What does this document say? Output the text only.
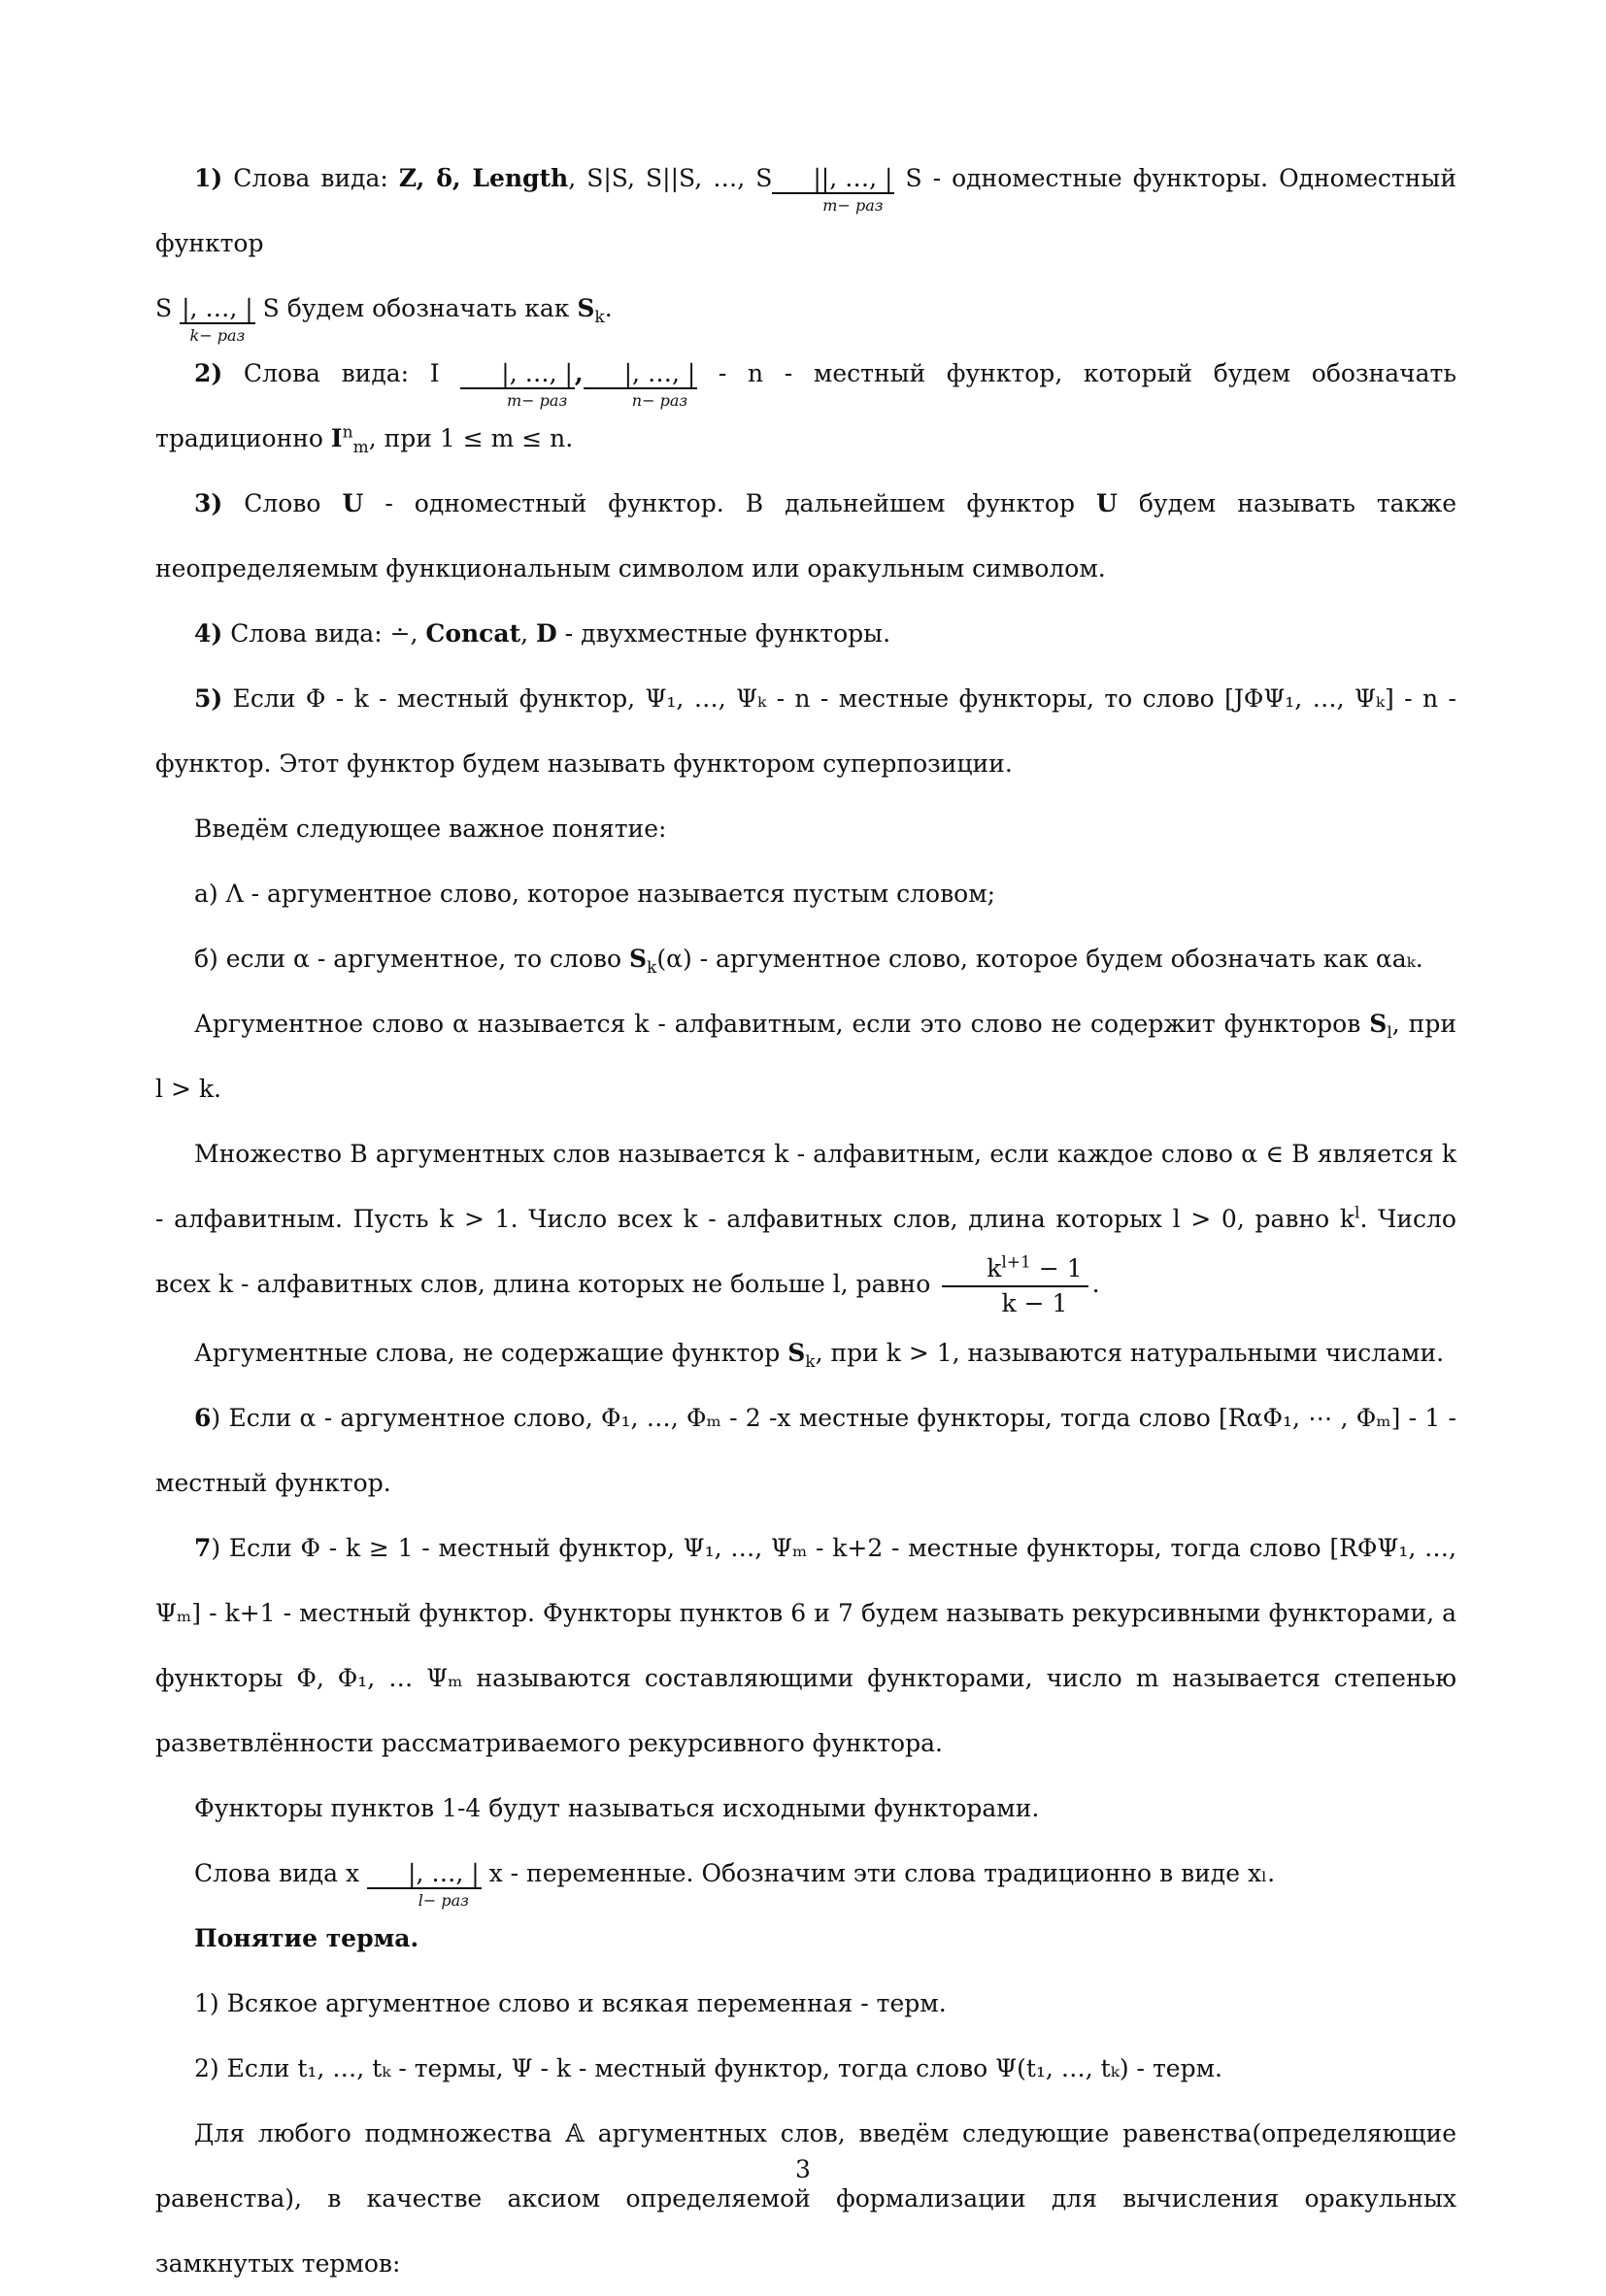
1) Слова вида: Z, δ, Length, S|S, S||S, …, S ||, …, |
m− раз
S - одноместные функторы. Одноместный функтор

S |, …, |
k− раз
S будем обозначать как $S_k$.

2) Слова вида: I |, …, |
m− раз
, |, …, |
n− раз
- n - местный функтор, который будем обозначать традиционно $I^n_m$, при 1 ≤ m ≤ n.

3) Слово U - одноместный функтор. В дальнейшем функтор U будем называть также неопределяемым функциональным символом или оракульным символом.

4) Слова вида: ∸, Concat, D - двухместные функторы.

5) Если Φ - k - местный функтор, Ψ₁, …, Ψₖ - n - местные функторы, то слово [JΦΨ₁, …, Ψₖ] - n - функтор. Этот функтор будем называть функтором суперпозиции.

Введём следующее важное понятие:

а) Λ - аргументное слово, которое называется пустым словом;

б) если α - аргументное, то слово $S_k(\alpha)$ - аргументное слово, которое будем обозначать как αaₖ.

Аргументное слово α называется k - алфавитным, если это слово не содержит функторов $S_l$, при l > k.

Множество B аргументных слов называется k - алфавитным, если каждое слово α ∈ B является k - алфавитным. Пусть k > 1. Число всех k - алфавитных слов, длина которых l > 0, равно $k^l$. Число всех k - алфавитных слов, длина которых не больше l, равно $\frac{k^{l+1} - 1}{k - 1}$ .

Аргументные слова, не содержащие функтор $S_k$, при k > 1, называются натуральными числами.

6) Если α - аргументное слово, Φ₁, …, Φₘ - 2 -х местные функторы, тогда слово [RαΦ₁, ⋯ , Φₘ] - 1 - местный функтор.

7) Если Φ - k ≥ 1 - местный функтор, Ψ₁, …, Ψₘ - k+2 - местные функторы, тогда слово [RΦΨ₁, …, Ψₘ] - k+1 - местный функтор. Функторы пунктов 6 и 7 будем называть рекурсивными функторами, а функторы Φ, Φ₁, … Ψₘ называются составляющими функторами, число m называется степенью разветвлённости рассматриваемого рекурсивного функтора.

Функторы пунктов 1-4 будут называться исходными функторами.

Слова вида x |, …, |
l− раз
x - переменные. Обозначим эти слова традиционно в виде xₗ.

Понятие терма.

1) Всякое аргументное слово и всякая переменная - терм.

2) Если t₁, …, tₖ - термы, Ψ - k - местный функтор, тогда слово Ψ(t₁, …, tₖ) - терм.

Для любого подмножества 𝔸 аргументных слов, введём следующие равенства(определяющие равенства), в качестве аксиом определяемой формализации для вычисления оракульных замкнутых термов:

3
